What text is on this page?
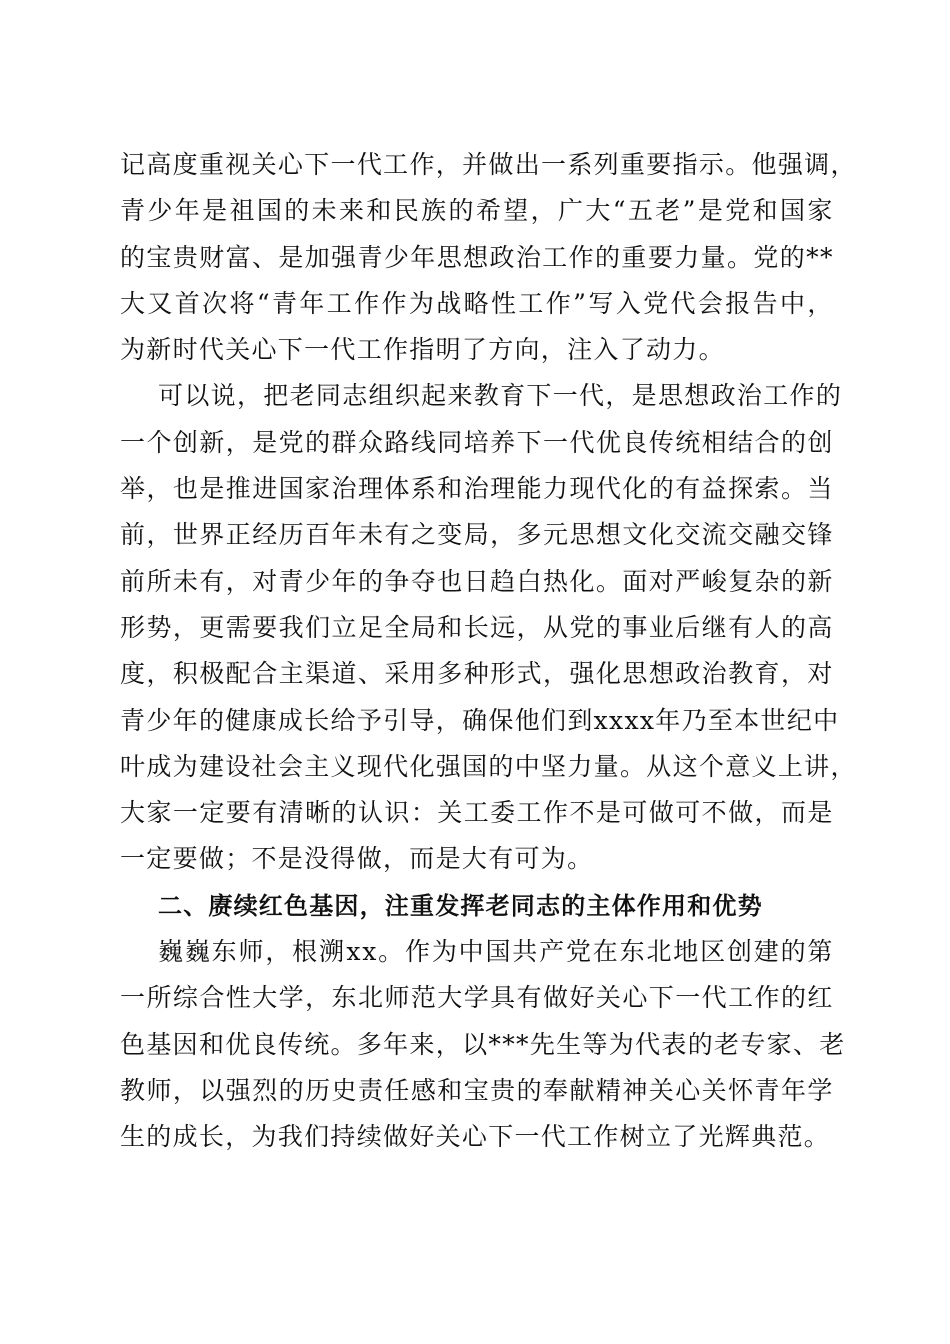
记 高 度 重 视 关 心 下 一 代 工 作 ， 并 做 出 一 系 列 重 要 指 示 。 他 强 调 ，
青 少 年 是 祖 国 的 未 来 和 民 族 的 希 望 ， 广 大 “ 五 老 ” 是 党 和 国 家
的 宝 贵 财 富 、 是 加 强 青 少 年 思 想 政 治 工 作 的 重 要 力 量 。 党 的 * *
大 又 首 次 将 “ 青 年 工 作 作 为 战 略 性 工 作 ” 写 入 党 代 会 报 告 中 ，
为新时代关心下一代工作指明了方向，注入了动力。
可 以 说 ， 把 老 同 志 组 织 起 来 教 育 下 一 代 ， 是 思 想 政 治 工 作 的
一 个 创 新 ， 是 党 的 群 众 路 线 同 培 养 下 一 代 优 良 传 统 相 结 合 的 创
举 ， 也 是 推 进 国 家 治 理 体 系 和 治 理 能 力 现 代 化 的 有 益 探 索 。 当
前 ， 世 界 正 经 历 百 年 未 有 之 变 局 ， 多 元 思 想 文 化 交 流 交 融 交 锋
前 所 未 有 ， 对 青 少 年 的 争 夺 也 日 趋 白 热 化 。 面 对 严 峻 复 杂 的 新
形 势 ， 更 需 要 我 们 立 足 全 局 和 长 远 ， 从 党 的 事 业 后 继 有 人 的 高
度 ， 积 极 配 合 主 渠 道 、 采 用 多 种 形 式 ， 强 化 思 想 政 治 教 育 ， 对
青 少 年 的 健 康 成 长 给 予 引 导 ， 确 保 他 们 到 x x x x 年 乃 至 本 世 纪 中
叶 成 为 建 设 社 会 主 义 现 代 化 强 国 的 中 坚 力 量 。 从 这 个 意 义 上 讲 ，
大 家 一 定 要 有 清 晰 的 认 识 ： 关 工 委 工 作 不 是 可 做 可 不 做 ， 而 是
一定要做；不是没得做，而是大有可为。
二、赓续红色基因，注重发挥老同志的主体作用和优势
巍 巍 东 师 ， 根 溯 x x 。 作 为 中 国 共 产 党 在 东 北 地 区 创 建 的 第
一 所 综 合 性 大 学 ， 东 北 师 范 大 学 具 有 做 好 关 心 下 一 代 工 作 的 红
色 基 因 和 优 良 传 统 。 多 年 来 ， 以 * * * 先 生 等 为 代 表 的 老 专 家 、 老
教 师 ， 以 强 烈 的 历 史 责 任 感 和 宝 贵 的 奉 献 精 神 关 心 关 怀 青 年 学
生的成长，为我们持续做好关心下一代工作树立了光辉典范。
